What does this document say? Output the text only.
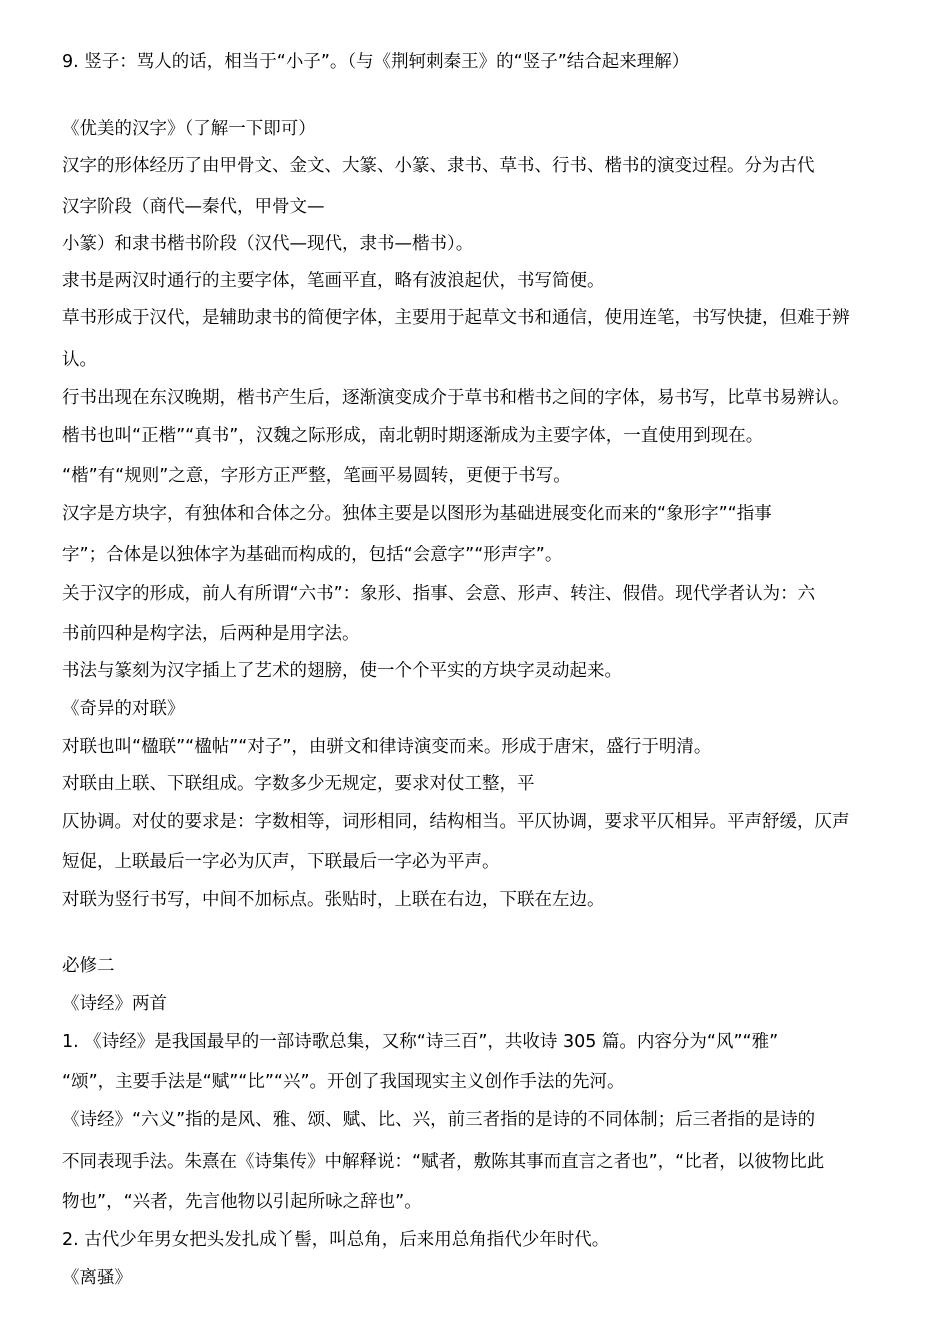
9. 竖子：骂人的话，相当于“小子”。（与《荆轲刺秦王》的“竖子”结合起来理解）
《优美的汉字》（了解一下即可）
汉字的形体经历了由甲骨文、金文、大篆、小篆、隶书、草书、行书、楷书的演变过程。分为古代
汉字阶段（商代—秦代，甲骨文—
小篆）和隶书楷书阶段（汉代—现代，隶书—楷书）。
隶书是两汉时通行的主要字体，笔画平直，略有波浪起伏，书写简便。
草书形成于汉代，是辅助隶书的简便字体，主要用于起草文书和通信，使用连笔，书写快捷，但难于辨
认。
行书出现在东汉晚期，楷书产生后，逐渐演变成介于草书和楷书之间的字体，易书写，比草书易辨认。
楷书也叫“正楷”“真书”，汉魏之际形成，南北朝时期逐渐成为主要字体，一直使用到现在。
“楷”有“规则”之意，字形方正严整，笔画平易圆转，更便于书写。
汉字是方块字，有独体和合体之分。独体主要是以图形为基础进展变化而来的“象形字”“指事
字”；合体是以独体字为基础而构成的，包括“会意字”“形声字”。
关于汉字的形成，前人有所谓“六书”：象形、指事、会意、形声、转注、假借。现代学者认为：六
书前四种是构字法，后两种是用字法。
书法与篆刻为汉字插上了艺术的翅膀，使一个个平实的方块字灵动起来。
《奇异的对联》
对联也叫“楹联”“楹帖”“对子”，由骈文和律诗演变而来。形成于唐宋，盛行于明清。
对联由上联、下联组成。字数多少无规定，要求对仗工整，平
仄协调。对仗的要求是：字数相等，词形相同，结构相当。平仄协调，要求平仄相异。平声舒缓，仄声
短促，上联最后一字必为仄声，下联最后一字必为平声。
对联为竖行书写，中间不加标点。张贴时，上联在右边，下联在左边。
必修二
《诗经》两首
1. 《诗经》是我国最早的一部诗歌总集，又称“诗三百”，共收诗 305 篇。内容分为“风”“雅”
“颂”，主要手法是“赋”“比”“兴”。开创了我国现实主义创作手法的先河。
《诗经》“六义”指的是风、雅、颂、赋、比、兴，前三者指的是诗的不同体制；后三者指的是诗的
不同表现手法。朱熹在《诗集传》中解释说：“赋者，敷陈其事而直言之者也”，“比者，以彼物比此
物也”，“兴者，先言他物以引起所咏之辞也”。
2. 古代少年男女把头发扎成丫髻，叫总角，后来用总角指代少年时代。
《离骚》
